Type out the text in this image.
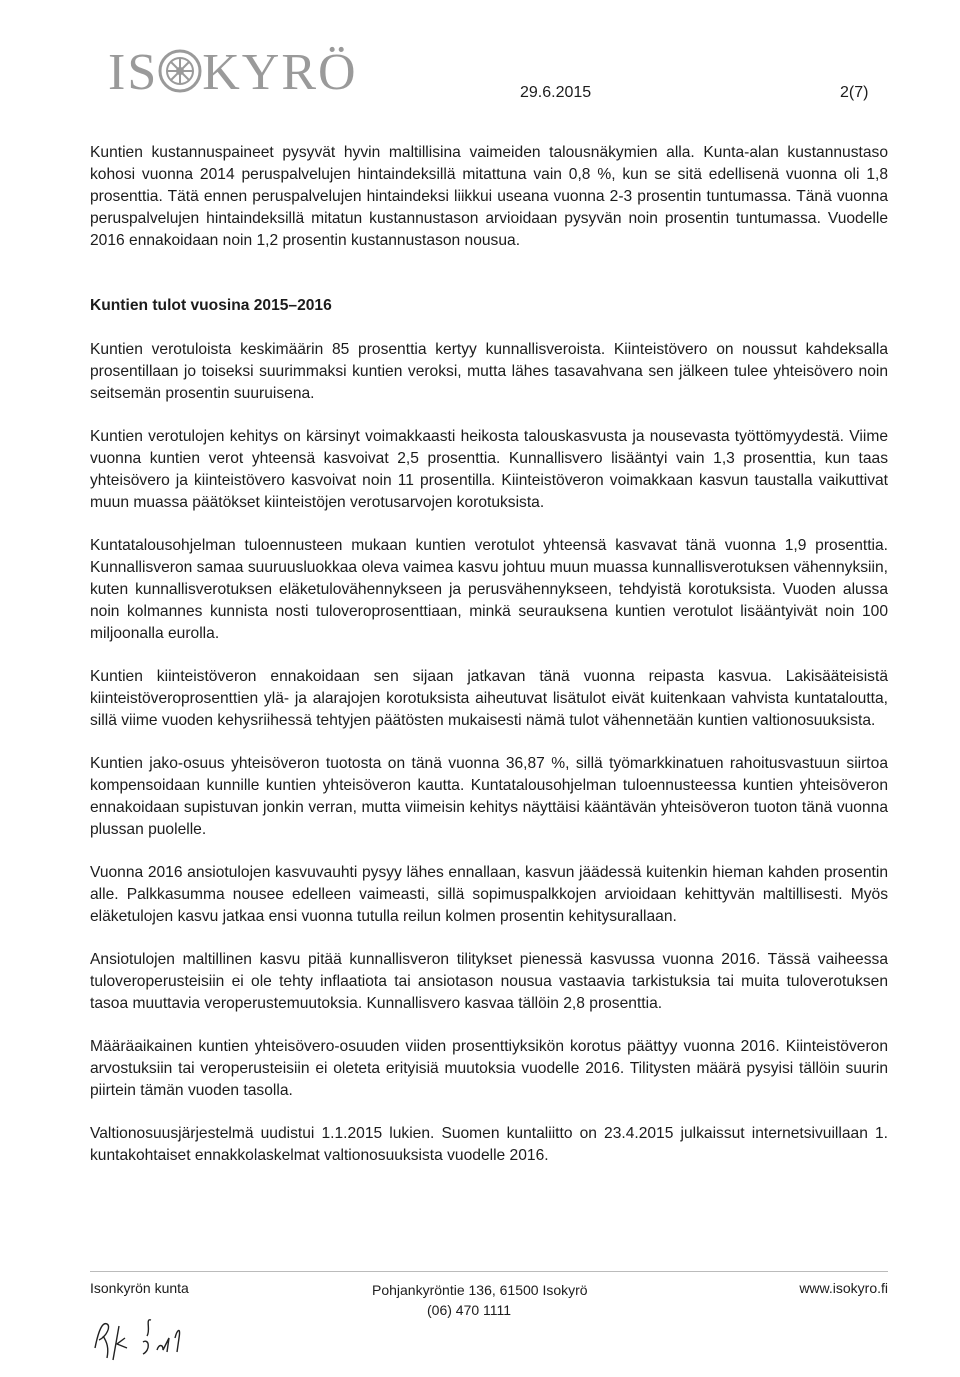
IS KYRÖ	29.6.2015	2(7)

Kuntien kustannuspaineet pysyvät hyvin maltillisina vaimeiden talousnäkymien alla. Kunta-alan kustannustaso kohosi vuonna 2014 peruspalvelujen hintaindeksillä mitattuna vain 0,8 %, kun se sitä edellisenä vuonna oli 1,8 prosenttia. Tätä ennen peruspalvelujen hintaindeksi liikkui useana vuonna 2-3 prosentin tuntumassa. Tänä vuonna peruspalvelujen hintaindeksillä mitatun kustannustason arvioidaan pysyvän noin prosentin tuntumassa. Vuodelle 2016 ennakoidaan noin 1,2 prosentin kustannustason nousua.

Kuntien tulot vuosina 2015–2016

Kuntien verotuloista keskimäärin 85 prosenttia kertyy kunnallisveroista. Kiinteistövero on noussut kahdeksalla prosentillaan jo toiseksi suurimmaksi kuntien veroksi, mutta lähes tasavahvana sen jälkeen tulee yhteisövero noin seitsemän prosentin suuruisena.

Kuntien verotulojen kehitys on kärsinyt voimakkaasti heikosta talouskasvusta ja nousevasta työttömyydestä. Viime vuonna kuntien verot yhteensä kasvoivat 2,5 prosenttia. Kunnallisvero lisääntyi vain 1,3 prosenttia, kun taas yhteisövero ja kiinteistövero kasvoivat noin 11 prosentilla. Kiinteistöveron voimakkaan kasvun taustalla vaikuttivat muun muassa päätökset kiinteistöjen verotusarvojen korotuksista.

Kuntatalousohjelman tuloennusteen mukaan kuntien verotulot yhteensä kasvavat tänä vuonna 1,9 prosenttia. Kunnallisveron samaa suuruusluokkaa oleva vaimea kasvu johtuu muun muassa kunnallisverotuksen vähennyksiin, kuten kunnallisverotuksen eläketulovähennykseen ja perusvähennykseen, tehdyistä korotuksista. Vuoden alussa noin kolmannes kunnista nosti tuloveroprosenttiaan, minkä seurauksena kuntien verotulot lisääntyivät noin 100 miljoonalla eurolla.

Kuntien kiinteistöveron ennakoidaan sen sijaan jatkavan tänä vuonna reipasta kasvua. Lakisääteisistä kiinteistöveroprosenttien ylä- ja alarajojen korotuksista aiheutuvat lisätulot eivät kuitenkaan vahvista kuntataloutta, sillä viime vuoden kehysriihessä tehtyjen päätösten mukaisesti nämä tulot vähennetään kuntien valtionosuuksista.

Kuntien jako-osuus yhteisöveron tuotosta on tänä vuonna 36,87 %, sillä työmarkkinatuen rahoitusvastuun siirtoa kompensoidaan kunnille kuntien yhteisöveron kautta. Kuntatalousohjelman tuloennusteessa kuntien yhteisöveron ennakoidaan supistuvan jonkin verran, mutta viimeisin kehitys näyttäisi kääntävän yhteisöveron tuoton tänä vuonna plussan puolelle.

Vuonna 2016 ansiotulojen kasvuvauhti pysyy lähes ennallaan, kasvun jäädessä kuitenkin hieman kahden prosentin alle. Palkkasumma nousee edelleen vaimeasti, sillä sopimuspalkkojen arvioidaan kehittyvän maltillisesti. Myös eläketulojen kasvu jatkaa ensi vuonna tutulla reilun kolmen prosentin kehitysurallaan.

Ansiotulojen maltillinen kasvu pitää kunnallisveron tilitykset pienessä kasvussa vuonna 2016. Tässä vaiheessa tuloveroperusteisiin ei ole tehty inflaatiota tai ansiotason nousua vastaavia tarkistuksia tai muita tuloverotuksen tasoa muuttavia veroperustemuutoksia. Kunnallisvero kasvaa tällöin 2,8 prosenttia.

Määräaikainen kuntien yhteisövero-osuuden viiden prosenttiyksikön korotus päättyy vuonna 2016. Kiinteistöveron arvostuksiin tai veroperusteisiin ei oleteta erityisiä muutoksia vuodelle 2016. Tilitysten määrä pysyisi tällöin suurin piirtein tämän vuoden tasolla.

Valtionosuusjärjestelmä uudistui 1.1.2015 lukien. Suomen kuntaliitto on 23.4.2015 julkaissut internetsivuillaan 1. kuntakohtaiset ennakkolaskelmat valtionosuuksista vuodelle 2016.

Isonkyrön kunta	Pohjankyröntie 136, 61500 Isokyrö
(06) 470 1111
www.isokyro.fi
